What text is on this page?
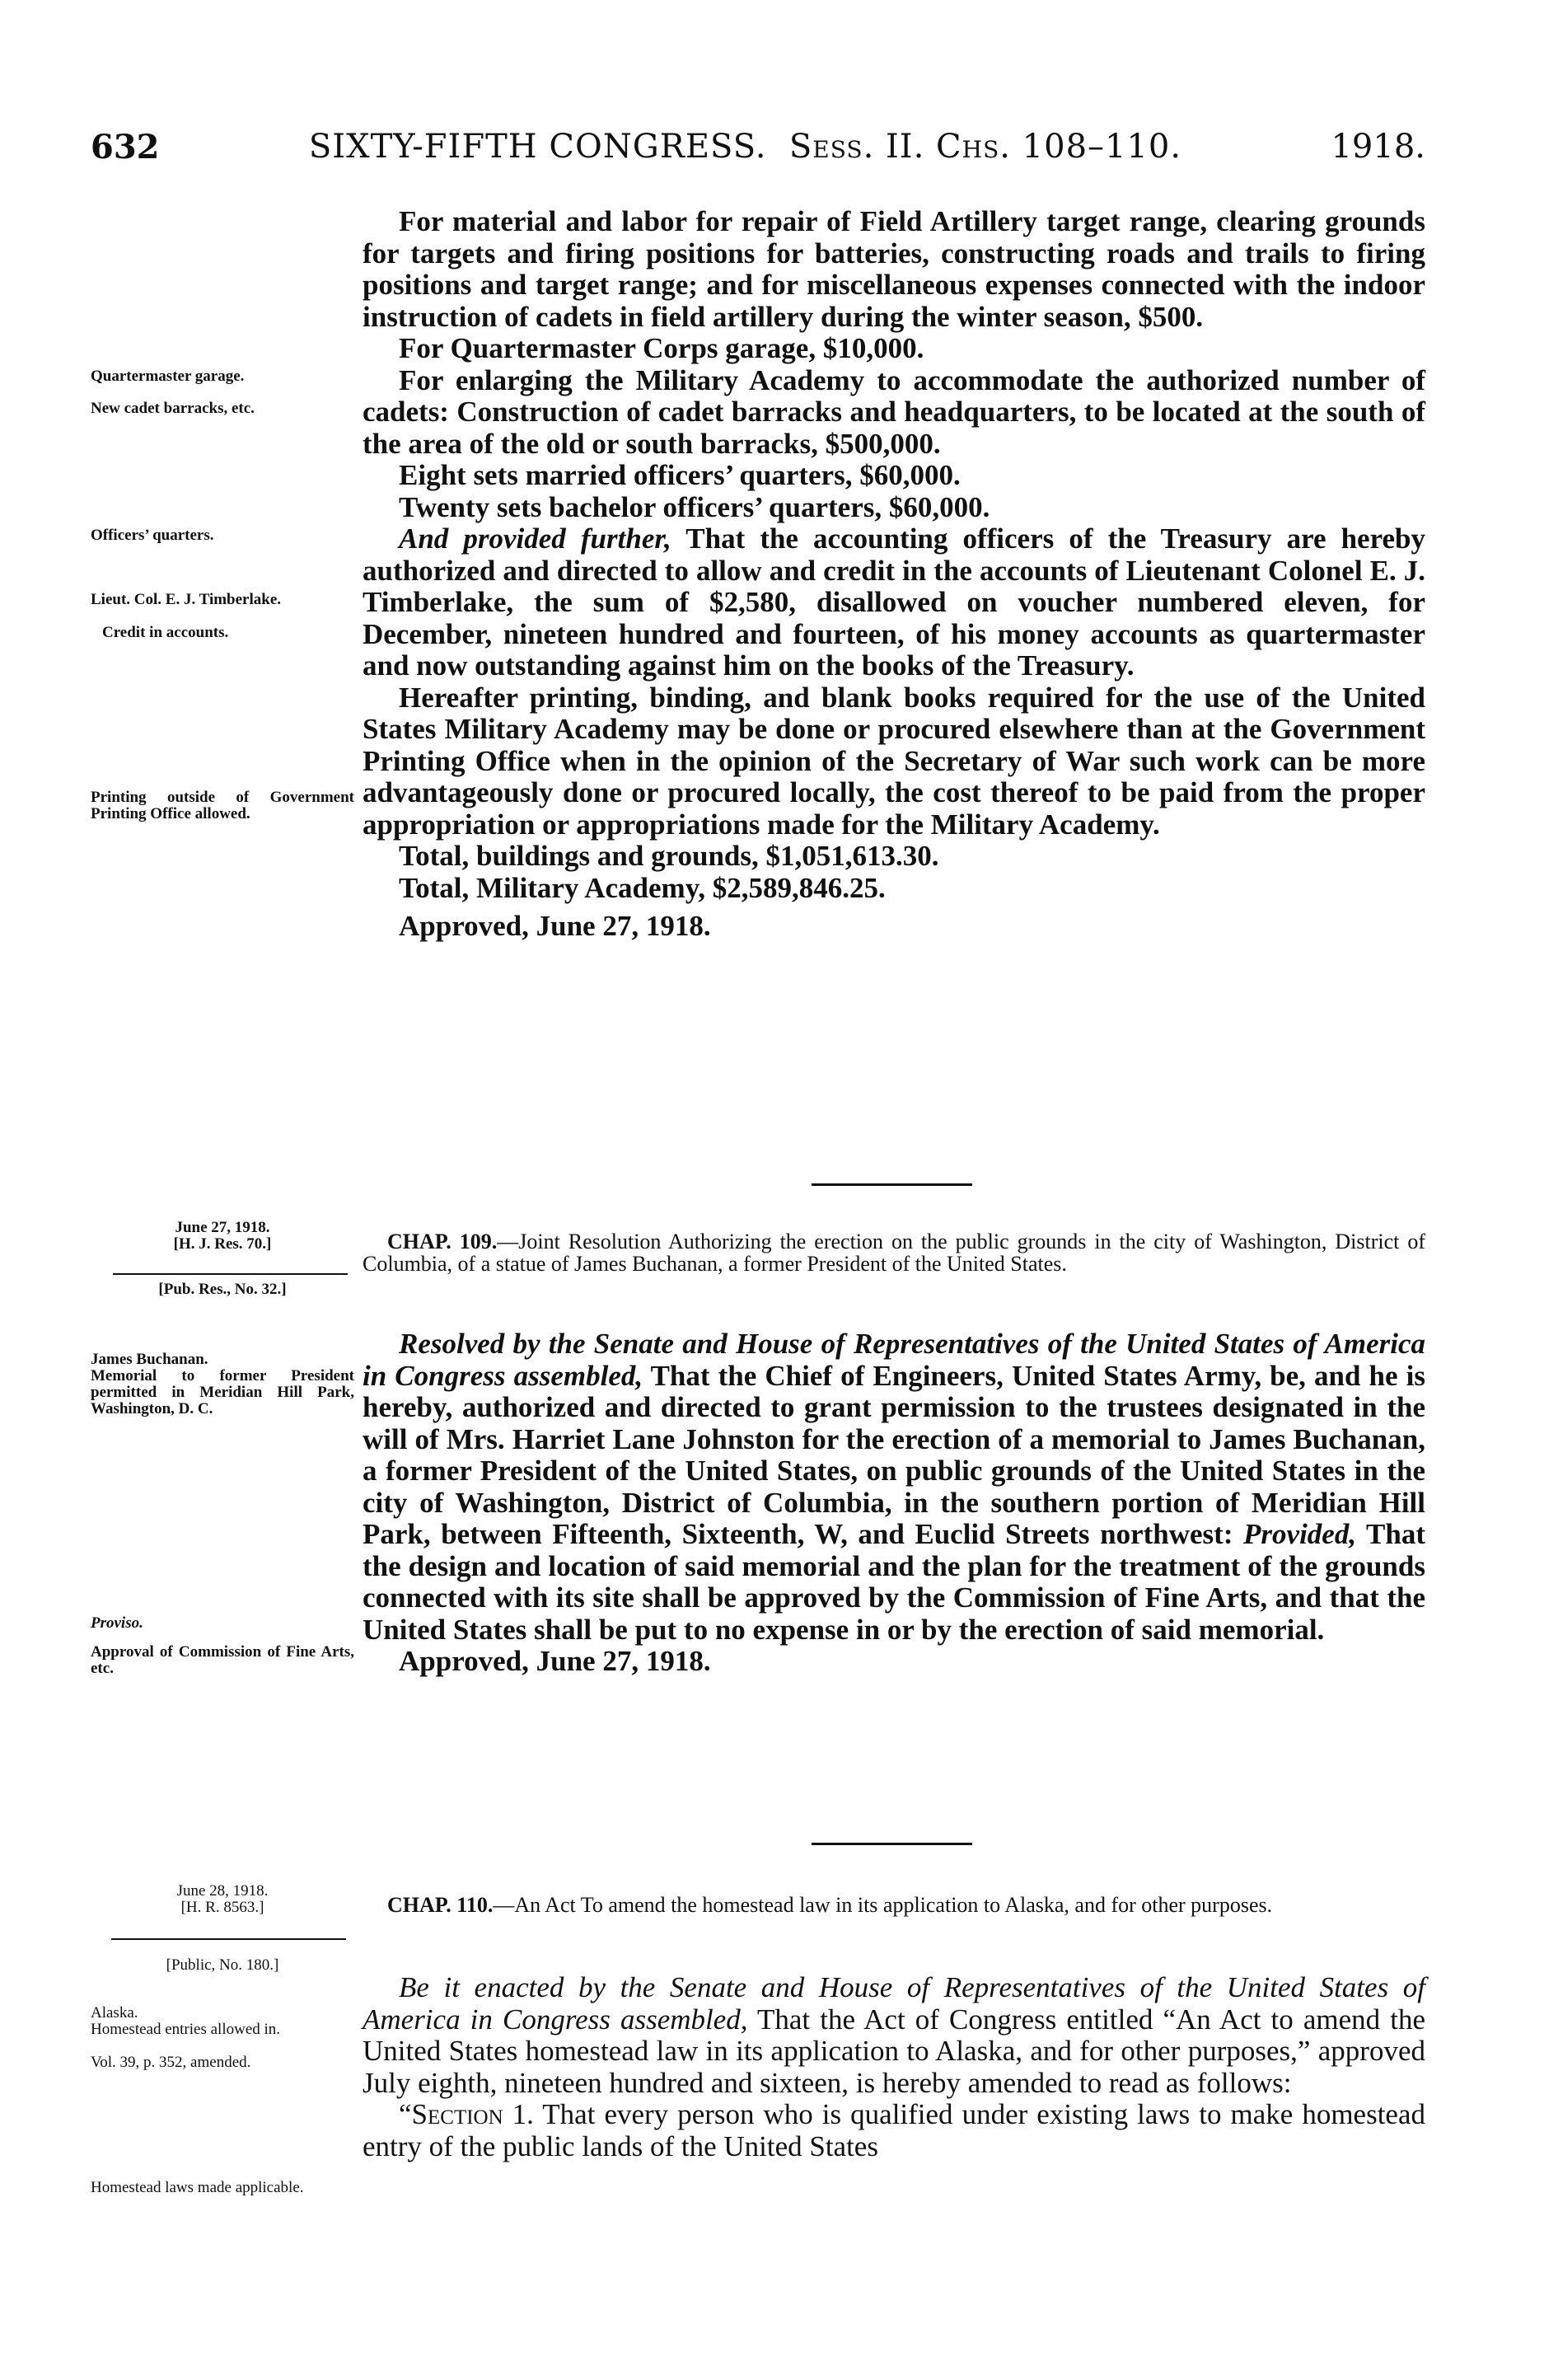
632	SIXTY-FIFTH CONGRESS. Sess. II. Chs. 108–110.	1918.

For material and labor for repair of Field Artillery target range, clearing grounds for targets and firing positions for batteries, constructing roads and trails to firing positions and target range; and for miscellaneous expenses connected with the indoor instruction of cadets in field artillery during the winter season, $500.

For Quartermaster Corps garage, $10,000.

For enlarging the Military Academy to accommodate the authorized number of cadets: Construction of cadet barracks and headquarters, to be located at the south of the area of the old or south barracks, $500,000.

Eight sets married officers’ quarters, $60,000.

Twenty sets bachelor officers’ quarters, $60,000.

And provided further, That the accounting officers of the Treasury are hereby authorized and directed to allow and credit in the accounts of Lieutenant Colonel E. J. Timberlake, the sum of $2,580, disallowed on voucher numbered eleven, for December, nineteen hundred and fourteen, of his money accounts as quartermaster and now outstanding against him on the books of the Treasury.

Hereafter printing, binding, and blank books required for the use of the United States Military Academy may be done or procured elsewhere than at the Government Printing Office when in the opinion of the Secretary of War such work can be more advantageously done or procured locally, the cost thereof to be paid from the proper appropriation or appropriations made for the Military Academy.

Total, buildings and grounds, $1,051,613.30.

Total, Military Academy, $2,589,846.25.

Approved, June 27, 1918.

Quartermaster garage.
New cadet barracks, etc.
Officers’ quarters.
Lieut. Col. E. J. Timberlake.
Credit in accounts.
Printing outside of Government Printing Office allowed.
June 27, 1918.
[H. J. Res. 70.]
[Pub. Res., No. 32.]

CHAP. 109.—Joint Resolution Authorizing the erection on the public grounds in the city of Washington, District of Columbia, of a statue of James Buchanan, a former President of the United States.

Resolved by the Senate and House of Representatives of the United States of America in Congress assembled, That the Chief of Engineers, United States Army, be, and he is hereby, authorized and directed to grant permission to the trustees designated in the will of Mrs. Harriet Lane Johnston for the erection of a memorial to James Buchanan, a former President of the United States, on public grounds of the United States in the city of Washington, District of Columbia, in the southern portion of Meridian Hill Park, between Fifteenth, Sixteenth, W, and Euclid Streets northwest: Provided, That the design and location of said memorial and the plan for the treatment of the grounds connected with its site shall be approved by the Commission of Fine Arts, and that the United States shall be put to no expense in or by the erection of said memorial.

Approved, June 27, 1918.

James Buchanan.
Memorial to former President permitted in Meridian Hill Park, Washington, D. C.
Proviso.
Approval of Commission of Fine Arts, etc.
June 28, 1918.
[H. R. 8563.]
[Public, No. 180.]

CHAP. 110.—An Act To amend the homestead law in its application to Alaska, and for other purposes.

Be it enacted by the Senate and House of Representatives of the United States of America in Congress assembled, That the Act of Congress entitled “An Act to amend the United States homestead law in its application to Alaska, and for other purposes,” approved July eighth, nineteen hundred and sixteen, is hereby amended to read as follows:

“Section 1. That every person who is qualified under existing laws to make homestead entry of the public lands of the United States

Alaska.
Homestead entries allowed in.
Vol. 39, p. 352, amended.
Homestead laws made applicable.
